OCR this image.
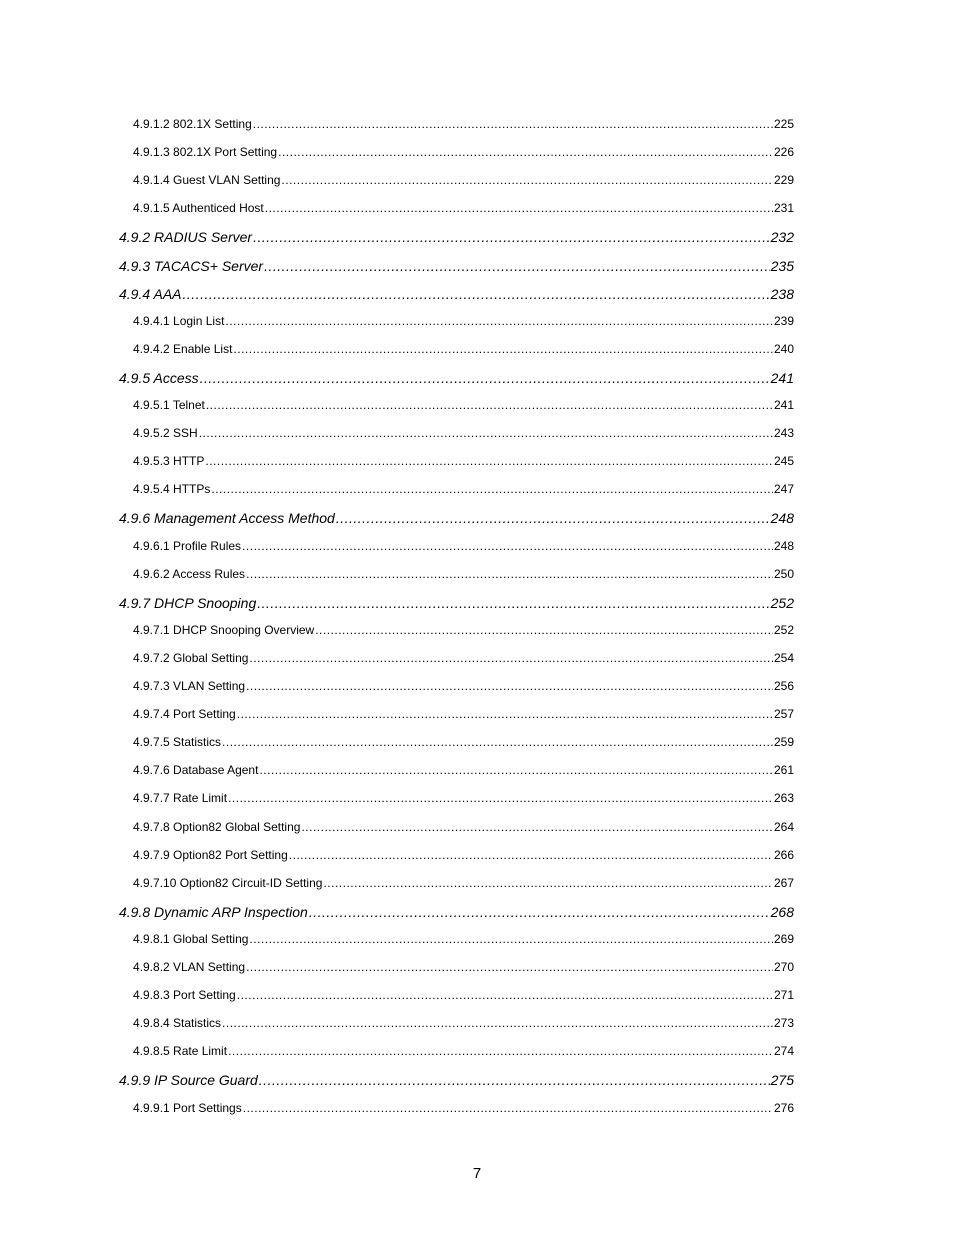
4.9.1.2 802.1X Setting .....	225
4.9.1.3 802.1X Port Setting .....	226
4.9.1.4 Guest VLAN Setting .....	229
4.9.1.5 Authenticed Host .....	231
4.9.2 RADIUS Server .....	232
4.9.3 TACACS+ Server .....	235
4.9.4 AAA .....	238
4.9.4.1 Login List .....	239
4.9.4.2 Enable List .....	240
4.9.5 Access .....	241
4.9.5.1 Telnet .....	241
4.9.5.2 SSH .....	243
4.9.5.3 HTTP .....	245
4.9.5.4 HTTPs .....	247
4.9.6 Management Access Method .....	248
4.9.6.1 Profile Rules .....	248
4.9.6.2 Access Rules .....	250
4.9.7 DHCP Snooping .....	252
4.9.7.1 DHCP Snooping Overview .....	252
4.9.7.2 Global Setting .....	254
4.9.7.3 VLAN Setting .....	256
4.9.7.4 Port Setting .....	257
4.9.7.5 Statistics .....	259
4.9.7.6 Database Agent .....	261
4.9.7.7 Rate Limit .....	263
4.9.7.8 Option82 Global Setting .....	264
4.9.7.9 Option82 Port Setting .....	266
4.9.7.10 Option82 Circuit-ID Setting .....	267
4.9.8 Dynamic ARP Inspection .....	268
4.9.8.1 Global Setting .....	269
4.9.8.2 VLAN Setting .....	270
4.9.8.3 Port Setting .....	271
4.9.8.4 Statistics .....	273
4.9.8.5 Rate Limit .....	274
4.9.9 IP Source Guard .....	275
4.9.9.1 Port Settings .....	276
7
